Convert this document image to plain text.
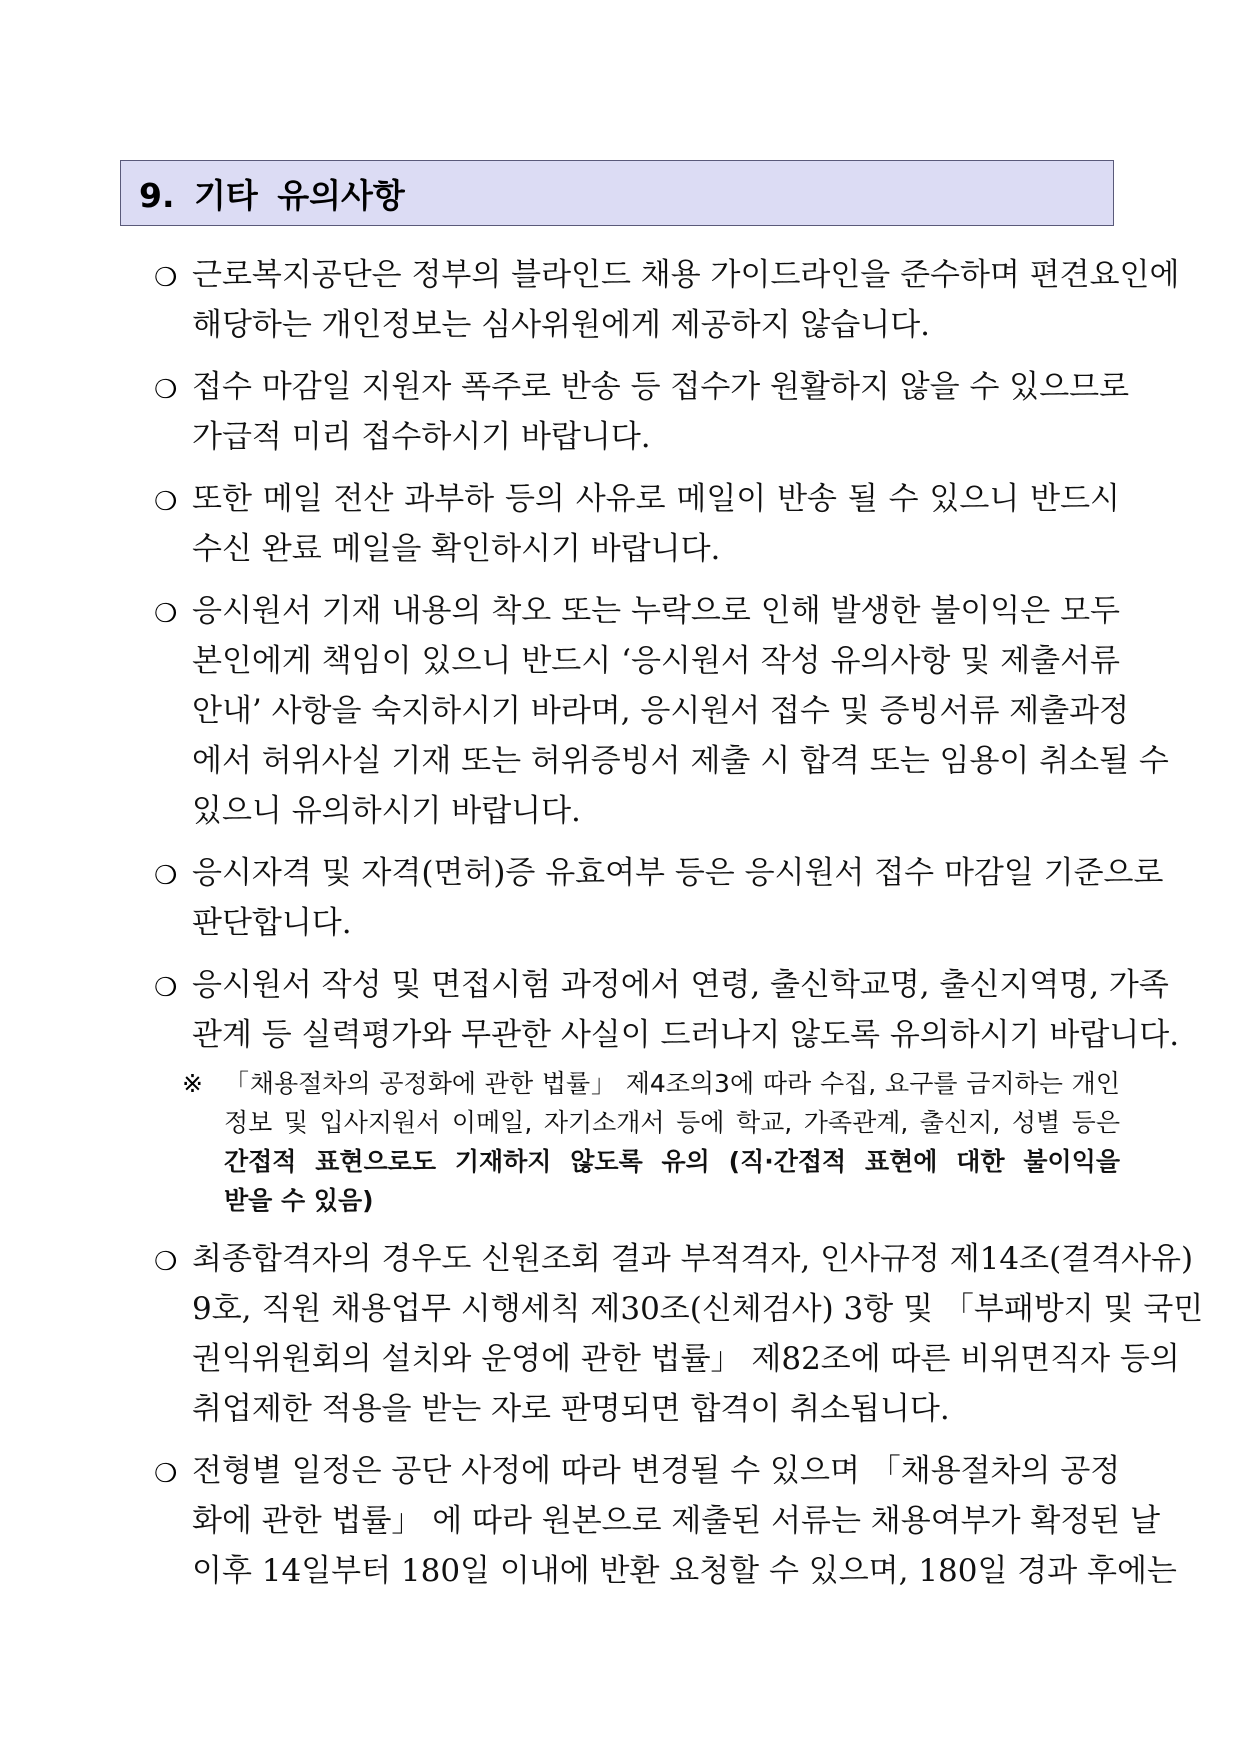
9. 기타 유의사항
❍ 근로복지공단은 정부의 블라인드 채용 가이드라인을 준수하며 편견요인에
해당하는 개인정보는 심사위원에게 제공하지 않습니다.
❍ 접수 마감일 지원자 폭주로 반송 등 접수가 원활하지 않을 수 있으므로
가급적 미리 접수하시기 바랍니다.
❍ 또한 메일 전산 과부하 등의 사유로 메일이 반송 될 수 있으니 반드시
수신 완료 메일을 확인하시기 바랍니다.
❍ 응시원서 기재 내용의 착오 또는 누락으로 인해 발생한 불이익은 모두
본인에게 책임이 있으니 반드시 ‘응시원서 작성 유의사항 및 제출서류
안내’ 사항을 숙지하시기 바라며, 응시원서 접수 및 증빙서류 제출과정
에서 허위사실 기재 또는 허위증빙서 제출 시 합격 또는 임용이 취소될 수
있으니 유의하시기 바랍니다.
❍ 응시자격 및 자격(면허)증 유효여부 등은 응시원서 접수 마감일 기준으로
판단합니다.
❍ 응시원서 작성 및 면접시험 과정에서 연령, 출신학교명, 출신지역명, 가족
관계 등 실력평가와 무관한 사실이 드러나지 않도록 유의하시기 바랍니다.
※ 「채용절차의 공정화에 관한 법률」 제4조의3에 따라 수집, 요구를 금지하는 개인
정보 및 입사지원서 이메일, 자기소개서 등에 학교, 가족관계, 출신지, 성별 등은
간접적 표현으로도 기재하지 않도록 유의 (직·간접적 표현에 대한 불이익을
받을 수 있음)
❍ 최종합격자의 경우도 신원조회 결과 부적격자, 인사규정 제14조(결격사유)
9호, 직원 채용업무 시행세칙 제30조(신체검사) 3항 및 「부패방지 및 국민
권익위원회의 설치와 운영에 관한 법률」 제82조에 따른 비위면직자 등의
취업제한 적용을 받는 자로 판명되면 합격이 취소됩니다.
❍ 전형별 일정은 공단 사정에 따라 변경될 수 있으며 「채용절차의 공정
화에 관한 법률」 에 따라 원본으로 제출된 서류는 채용여부가 확정된 날
이후 14일부터 180일 이내에 반환 요청할 수 있으며, 180일 경과 후에는
